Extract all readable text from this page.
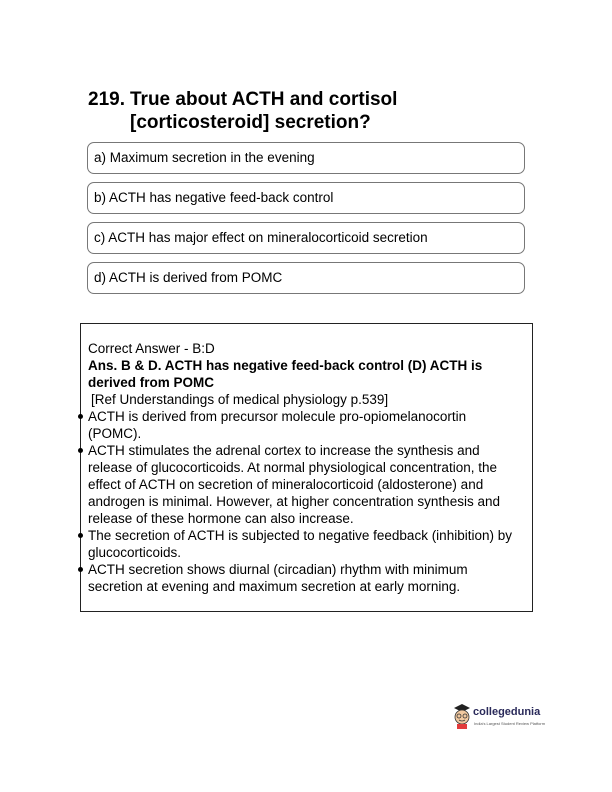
219. True about ACTH and cortisol
[corticosteroid] secretion?
a) Maximum secretion in the evening
b) ACTH has negative feed-back control
c) ACTH has major effect on mineralocorticoid secretion
d) ACTH is derived from POMC
Correct Answer - B:D
Ans. B & D. ACTH has negative feed-back control (D) ACTH is derived from POMC
[Ref Understandings of medical physiology p.539]
ACTH is derived from precursor molecule pro-opiomelanocortin (POMC).
ACTH stimulates the adrenal cortex to increase the synthesis and release of glucocorticoids. At normal physiological concentration, the effect of ACTH on secretion of mineralocorticoid (aldosterone) and androgen is minimal. However, at higher concentration synthesis and release of these hormone can also increase.
The secretion of ACTH is subjected to negative feedback (inhibition) by glucocorticoids.
ACTH secretion shows diurnal (circadian) rhythm with minimum secretion at evening and maximum secretion at early morning.
collegedunia
India's Largest Student Review Platform
